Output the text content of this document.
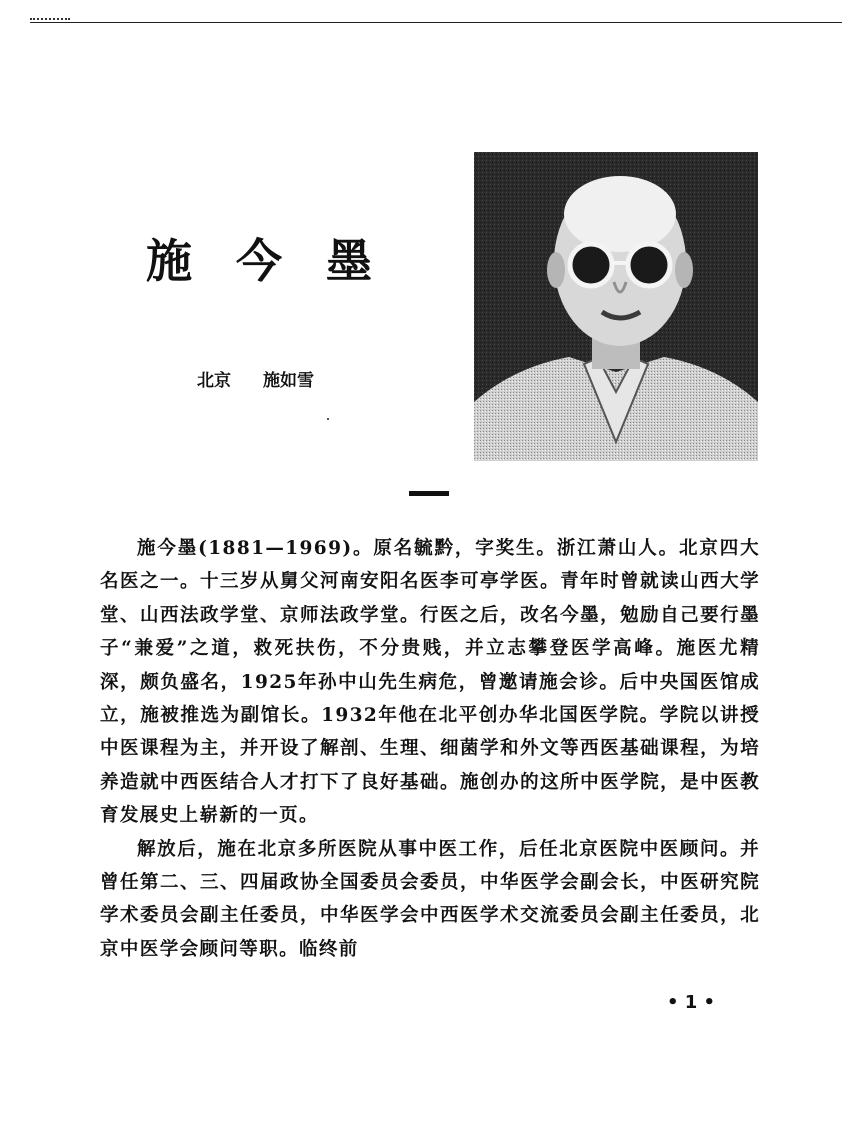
施今墨
北京 施如雪

施今墨(1881—1969)。原名毓黔，字奖生。浙江萧山人。北京四大名医之一。十三岁从舅父河南安阳名医李可亭学医。青年时曾就读山西大学堂、山西法政学堂、京师法政学堂。行医之后，改名今墨，勉励自己要行墨子“兼爱”之道，救死扶伤，不分贵贱，并立志攀登医学高峰。施医尤精深，颇负盛名，1925年孙中山先生病危，曾邀请施会诊。后中央国医馆成立，施被推选为副馆长。1932年他在北平创办华北国医学院。学院以讲授中医课程为主，并开设了解剖、生理、细菌学和外文等西医基础课程，为培养造就中西医结合人才打下了良好基础。施创办的这所中医学院，是中医教育发展史上崭新的一页。

解放后，施在北京多所医院从事中医工作，后任北京医院中医顾问。并曾任第二、三、四届政协全国委员会委员，中华医学会副会长，中医研究院学术委员会副主任委员，中华医学会中西医学术交流委员会副主任委员，北京中医学会顾问等职。临终前

• 1 •
